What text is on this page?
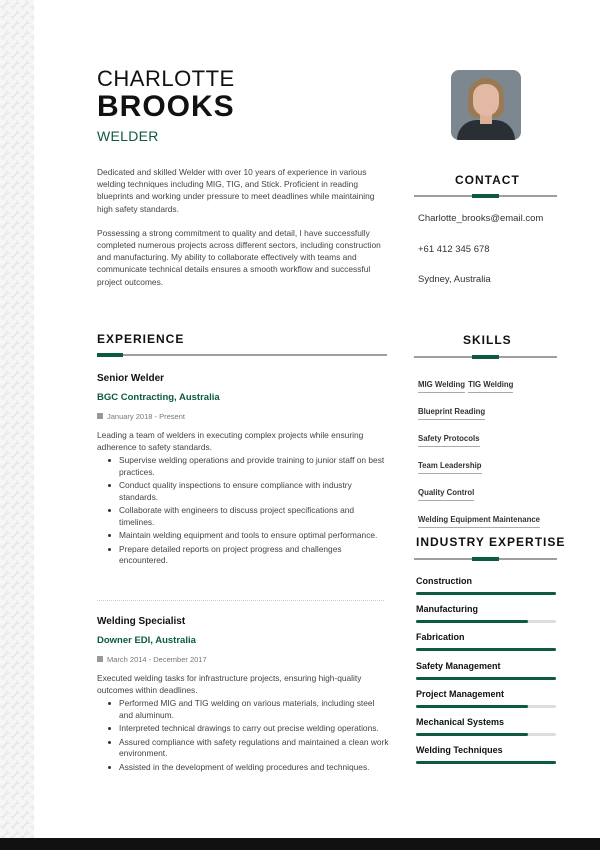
CHARLOTTE
BROOKS
WELDER

Dedicated and skilled Welder with over 10 years of experience in various welding techniques including MIG, TIG, and Stick. Proficient in reading blueprints and working under pressure to meet deadlines while maintaining high safety standards.

Possessing a strong commitment to quality and detail, I have successfully completed numerous projects across different sectors, including construction and manufacturing. My ability to collaborate effectively with teams and communicate technical details ensures a smooth workflow and successful project outcomes.

CONTACT
Charlotte_brooks@email.com
+61 412 345 678
Sydney, Australia
EXPERIENCE	SKILLS
MIG Welding TIG Welding
Blueprint Reading
Safety Protocols
Team Leadership
Quality Control
Welding Equipment Maintenance
Senior Welder
BGC Contracting, Australia
January 2018 - Present
Leading a team of welders in executing complex projects while ensuring adherence to safety standards.
Supervise welding operations and provide training to junior staff on best practices.
Conduct quality inspections to ensure compliance with industry standards.
Collaborate with engineers to discuss project specifications and timelines.
Maintain welding equipment and tools to ensure optimal performance.
Prepare detailed reports on project progress and challenges encountered.
Welding Specialist
Downer EDI, Australia
March 2014 - December 2017
Executed welding tasks for infrastructure projects, ensuring high-quality outcomes within deadlines.
Performed MIG and TIG welding on various materials, including steel and aluminum.
Interpreted technical drawings to carry out precise welding operations.
Assured compliance with safety regulations and maintained a clean work environment.
Assisted in the development of welding procedures and techniques.
INDUSTRY EXPERTISE
Construction
Manufacturing
Fabrication
Safety Management
Project Management
Mechanical Systems
Welding Techniques
